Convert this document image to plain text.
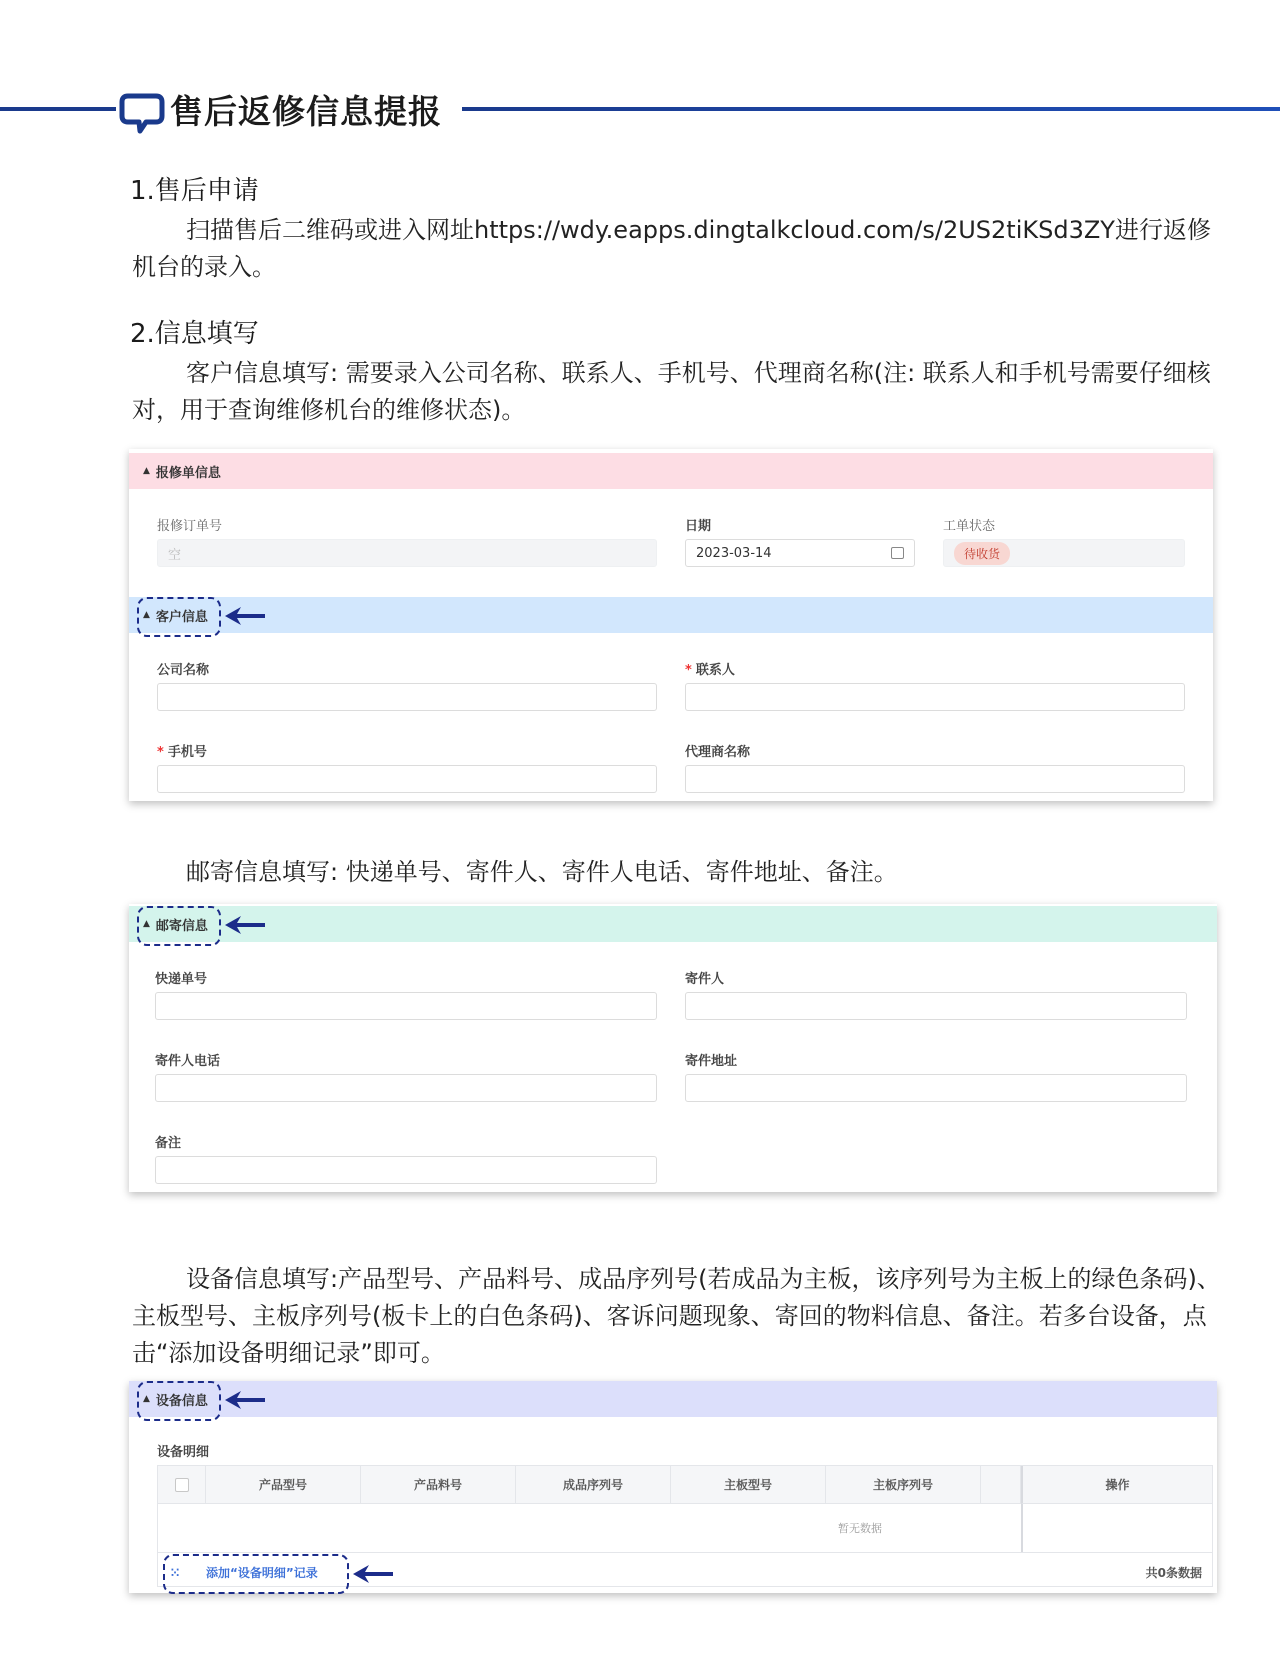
售后返修信息提报
1.售后申请
扫描售后二维码或进入网址https://wdy.eapps.dingtalkcloud.com/s/2US2tiKSd3ZY进行返修机台的录入。
2.信息填写
客户信息填写: 需要录入公司名称、联系人、手机号、代理商名称(注: 联系人和手机号需要仔细核对，用于查询维修机台的维修状态)。
▲ 报修单信息
报修订单号
空
日期
2023-03-14
工单状态
待收货
▲ 客户信息
公司名称	* 联系人
* 手机号	代理商名称
邮寄信息填写: 快递单号、寄件人、寄件人电话、寄件地址、备注。
▲ 邮寄信息
快递单号	寄件人
寄件人电话	寄件地址
备注
设备信息填写:产品型号、产品料号、成品序列号(若成品为主板，该序列号为主板上的绿色条码)、主板型号、主板序列号(板卡上的白色条码)、客诉问题现象、寄回的物料信息、备注。若多台设备，点击“添加设备明细记录”即可。
▲ 设备信息
设备明细
产品型号	产品料号	成品序列号	主板型号	主板序列号	操作
暂无数据
⁙ 添加“设备明细”记录	共0条数据
